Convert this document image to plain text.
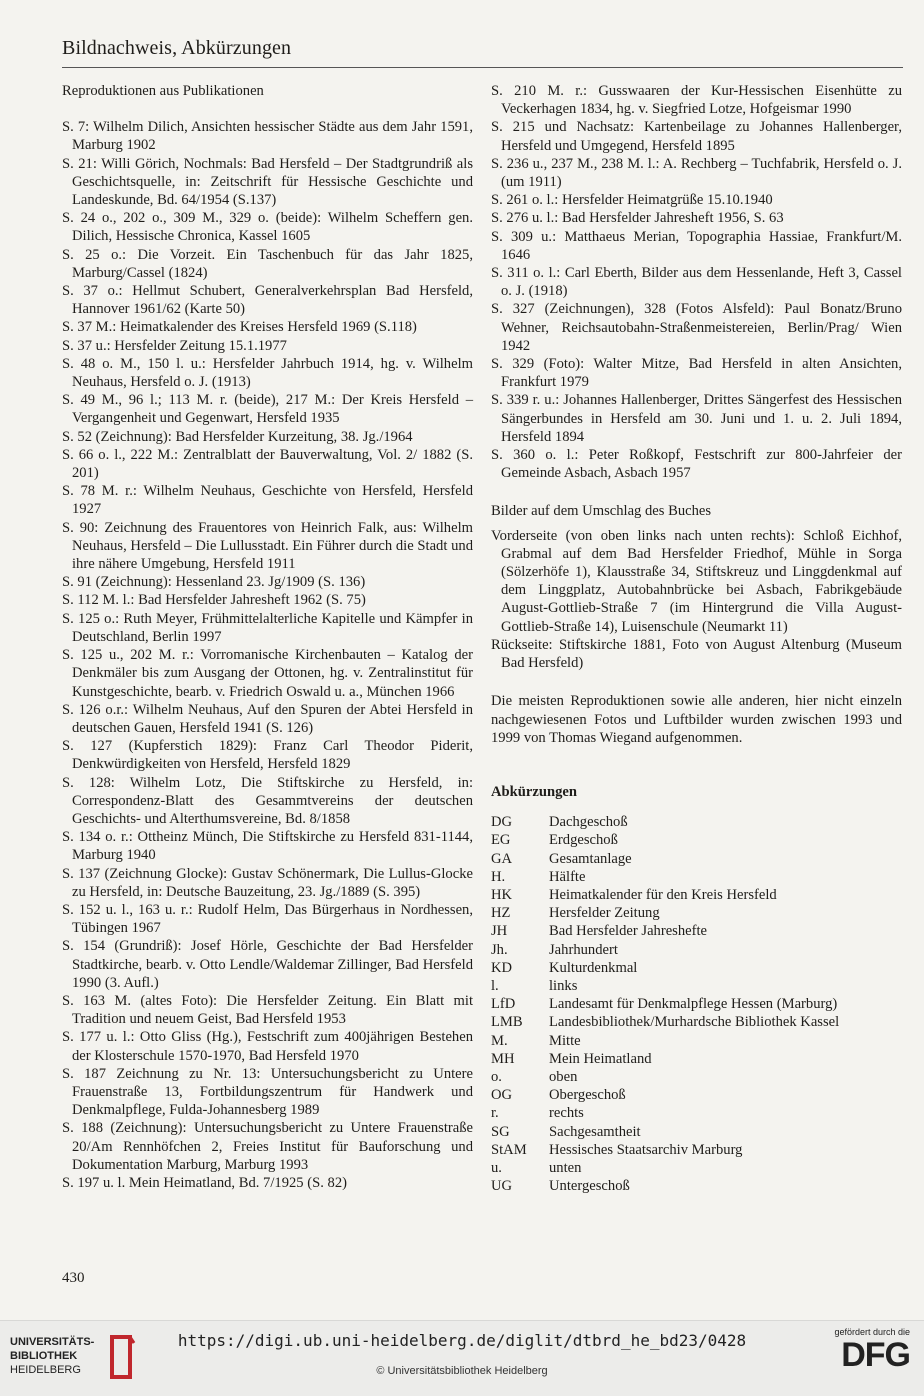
Bildnachweis, Abkürzungen

Reproduktionen aus Publikationen

S. 7: Wilhelm Dilich, Ansichten hessischer Städte aus dem Jahr 1591, Marburg 1902

S. 21: Willi Görich, Nochmals: Bad Hersfeld – Der Stadtgrundriß als Geschichtsquelle, in: Zeitschrift für Hessische Geschichte und Landeskunde, Bd. 64/1954 (S.137)

S. 24 o., 202 o., 309 M., 329 o. (beide): Wilhelm Scheffern gen. Dilich, Hessische Chronica, Kassel 1605

S. 25 o.: Die Vorzeit. Ein Taschenbuch für das Jahr 1825, Marburg/Cassel (1824)

S. 37 o.: Hellmut Schubert, Generalverkehrsplan Bad Hersfeld, Hannover 1961/62 (Karte 50)

S. 37 M.: Heimatkalender des Kreises Hersfeld 1969 (S.118)

S. 37 u.: Hersfelder Zeitung 15.1.1977

S. 48 o. M., 150 l. u.: Hersfelder Jahrbuch 1914, hg. v. Wilhelm Neuhaus, Hersfeld o. J. (1913)

S. 49 M., 96 l.; 113 M. r. (beide), 217 M.: Der Kreis Hersfeld – Vergangenheit und Gegenwart, Hersfeld 1935

S. 52 (Zeichnung): Bad Hersfelder Kurzeitung, 38. Jg./1964

S. 66 o. l., 222 M.: Zentralblatt der Bauverwaltung, Vol. 2/ 1882 (S. 201)

S. 78 M. r.: Wilhelm Neuhaus, Geschichte von Hersfeld, Hersfeld 1927

S. 90: Zeichnung des Frauentores von Heinrich Falk, aus: Wilhelm Neuhaus, Hersfeld – Die Lullusstadt. Ein Führer durch die Stadt und ihre nähere Umgebung, Hersfeld 1911

S. 91 (Zeichnung): Hessenland 23. Jg/1909 (S. 136)

S. 112 M. l.: Bad Hersfelder Jahresheft 1962 (S. 75)

S. 125 o.: Ruth Meyer, Frühmittelalterliche Kapitelle und Kämpfer in Deutschland, Berlin 1997

S. 125 u., 202 M. r.: Vorromanische Kirchenbauten – Katalog der Denkmäler bis zum Ausgang der Ottonen, hg. v. Zentralinstitut für Kunstgeschichte, bearb. v. Friedrich Oswald u. a., München 1966

S. 126 o.r.: Wilhelm Neuhaus, Auf den Spuren der Abtei Hersfeld in deutschen Gauen, Hersfeld 1941 (S. 126)

S. 127 (Kupferstich 1829): Franz Carl Theodor Piderit, Denkwürdigkeiten von Hersfeld, Hersfeld 1829

S. 128: Wilhelm Lotz, Die Stiftskirche zu Hersfeld, in: Correspondenz-Blatt des Gesammtvereins der deutschen Geschichts- und Alterthumsvereine, Bd. 8/1858

S. 134 o. r.: Ottheinz Münch, Die Stiftskirche zu Hersfeld 831-1144, Marburg 1940

S. 137 (Zeichnung Glocke): Gustav Schönermark, Die Lullus-Glocke zu Hersfeld, in: Deutsche Bauzeitung, 23. Jg./1889 (S. 395)

S. 152 u. l., 163 u. r.: Rudolf Helm, Das Bürgerhaus in Nordhessen, Tübingen 1967

S. 154 (Grundriß): Josef Hörle, Geschichte der Bad Hersfelder Stadtkirche, bearb. v. Otto Lendle/Waldemar Zillinger, Bad Hersfeld 1990 (3. Aufl.)

S. 163 M. (altes Foto): Die Hersfelder Zeitung. Ein Blatt mit Tradition und neuem Geist, Bad Hersfeld 1953

S. 177 u. l.: Otto Gliss (Hg.), Festschrift zum 400jährigen Bestehen der Klosterschule 1570-1970, Bad Hersfeld 1970

S. 187 Zeichnung zu Nr. 13: Untersuchungsbericht zu Untere Frauenstraße 13, Fortbildungszentrum für Handwerk und Denkmalpflege, Fulda-Johannesberg 1989

S. 188 (Zeichnung): Untersuchungsbericht zu Untere Frauenstraße 20/Am Rennhöfchen 2, Freies Institut für Bauforschung und Dokumentation Marburg, Marburg 1993

S. 197 u. l. Mein Heimatland, Bd. 7/1925 (S. 82)

S. 210 M. r.: Gusswaaren der Kur-Hessischen Eisenhütte zu Veckerhagen 1834, hg. v. Siegfried Lotze, Hofgeismar 1990

S. 215 und Nachsatz: Kartenbeilage zu Johannes Hallenberger, Hersfeld und Umgegend, Hersfeld 1895

S. 236 u., 237 M., 238 M. l.: A. Rechberg – Tuchfabrik, Hersfeld o. J. (um 1911)

S. 261 o. l.: Hersfelder Heimatgrüße 15.10.1940

S. 276 u. l.: Bad Hersfelder Jahresheft 1956, S. 63

S. 309 u.: Matthaeus Merian, Topographia Hassiae, Frankfurt/M. 1646

S. 311 o. l.: Carl Eberth, Bilder aus dem Hessenlande, Heft 3, Cassel o. J. (1918)

S. 327 (Zeichnungen), 328 (Fotos Alsfeld): Paul Bonatz/Bruno Wehner, Reichsautobahn-Straßenmeistereien, Berlin/Prag/ Wien 1942

S. 329 (Foto): Walter Mitze, Bad Hersfeld in alten Ansichten, Frankfurt 1979

S. 339 r. u.: Johannes Hallenberger, Drittes Sängerfest des Hessischen Sängerbundes in Hersfeld am 30. Juni und 1. u. 2. Juli 1894, Hersfeld 1894

S. 360 o. l.: Peter Roßkopf, Festschrift zur 800-Jahrfeier der Gemeinde Asbach, Asbach 1957

Bilder auf dem Umschlag des Buches

Vorderseite (von oben links nach unten rechts): Schloß Eichhof, Grabmal auf dem Bad Hersfelder Friedhof, Mühle in Sorga (Sölzerhöfe 1), Klausstraße 34, Stiftskreuz und Linggdenkmal auf dem Linggplatz, Autobahnbrücke bei Asbach, Fabrikgebäude August-Gottlieb-Straße 7 (im Hintergrund die Villa August-Gottlieb-Straße 14), Luisenschule (Neumarkt 11)

Rückseite: Stiftskirche 1881, Foto von August Altenburg (Museum Bad Hersfeld)

Die meisten Reproduktionen sowie alle anderen, hier nicht einzeln nachgewiesenen Fotos und Luftbilder wurden zwischen 1993 und 1999 von Thomas Wiegand aufgenommen.

Abkürzungen

DG	Dachgeschoß
EG	Erdgeschoß
GA	Gesamtanlage
H.	Hälfte
HK	Heimatkalender für den Kreis Hersfeld
HZ	Hersfelder Zeitung
JH	Bad Hersfelder Jahreshefte
Jh.	Jahrhundert
KD	Kulturdenkmal
l.	links
LfD	Landesamt für Denkmalpflege Hessen (Marburg)
LMB	Landesbibliothek/Murhardsche Bibliothek Kassel
M.	Mitte
MH	Mein Heimatland
o.	oben
OG	Obergeschoß
r.	rechts
SG	Sachgesamtheit
StAM	Hessisches Staatsarchiv Marburg
u.	unten
UG	Untergeschoß
430
UNIVERSITÄTS-
BIBLIOTHEK
HEIDELBERG
https://digi.ub.uni-heidelberg.de/diglit/dtbrd_he_bd23/0428
© Universitätsbibliothek Heidelberg
gefördert durch die
DFG
